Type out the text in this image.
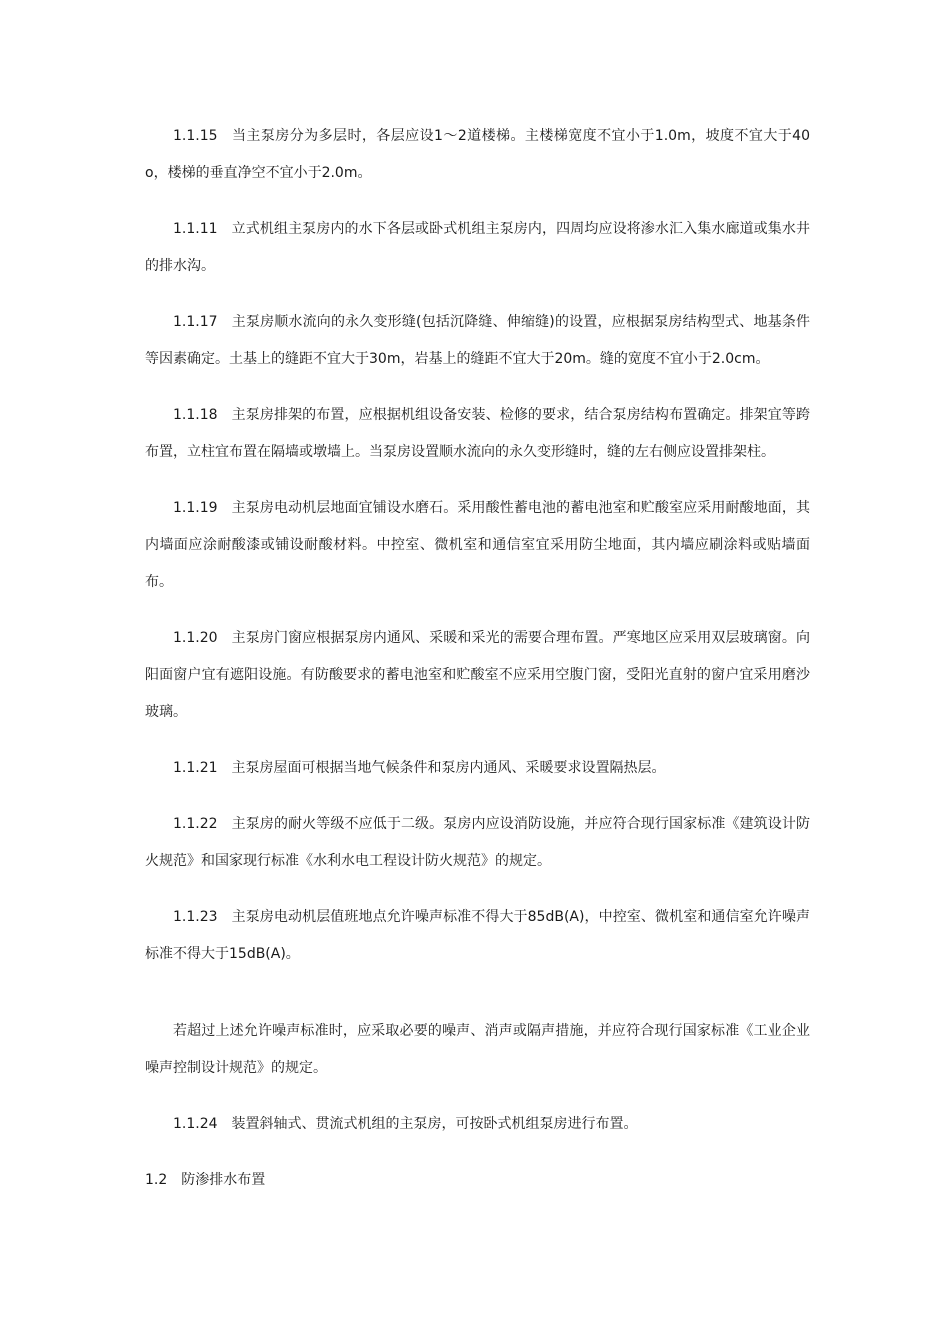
1.1.15 当主泵房分为多层时，各层应设1～2道楼梯。主楼梯宽度不宜小于1.0m，坡度不宜大于40o，楼梯的垂直净空不宜小于2.0m。

1.1.11 立式机组主泵房内的水下各层或卧式机组主泵房内，四周均应设将渗水汇入集水廊道或集水井的排水沟。

1.1.17 主泵房顺水流向的永久变形缝(包括沉降缝、伸缩缝)的设置，应根据泵房结构型式、地基条件等因素确定。土基上的缝距不宜大于30m，岩基上的缝距不宜大于20m。缝的宽度不宜小于2.0cm。

1.1.18 主泵房排架的布置，应根据机组设备安装、检修的要求，结合泵房结构布置确定。排架宜等跨布置，立柱宜布置在隔墙或墩墙上。当泵房设置顺水流向的永久变形缝时，缝的左右侧应设置排架柱。

1.1.19 主泵房电动机层地面宜铺设水磨石。采用酸性蓄电池的蓄电池室和贮酸室应采用耐酸地面，其内墙面应涂耐酸漆或铺设耐酸材料。中控室、微机室和通信室宜采用防尘地面，其内墙应刷涂料或贴墙面布。

1.1.20 主泵房门窗应根据泵房内通风、采暖和采光的需要合理布置。严寒地区应采用双层玻璃窗。向阳面窗户宜有遮阳设施。有防酸要求的蓄电池室和贮酸室不应采用空腹门窗，受阳光直射的窗户宜采用磨沙玻璃。

1.1.21 主泵房屋面可根据当地气候条件和泵房内通风、采暖要求设置隔热层。

1.1.22 主泵房的耐火等级不应低于二级。泵房内应设消防设施，并应符合现行国家标准《建筑设计防火规范》和国家现行标准《水利水电工程设计防火规范》的规定。

1.1.23 主泵房电动机层值班地点允许噪声标准不得大于85dB(A)，中控室、微机室和通信室允许噪声标准不得大于15dB(A)。

若超过上述允许噪声标准时，应采取必要的噪声、消声或隔声措施，并应符合现行国家标准《工业企业噪声控制设计规范》的规定。

1.1.24 装置斜轴式、贯流式机组的主泵房，可按卧式机组泵房进行布置。

1.2 防渗排水布置
